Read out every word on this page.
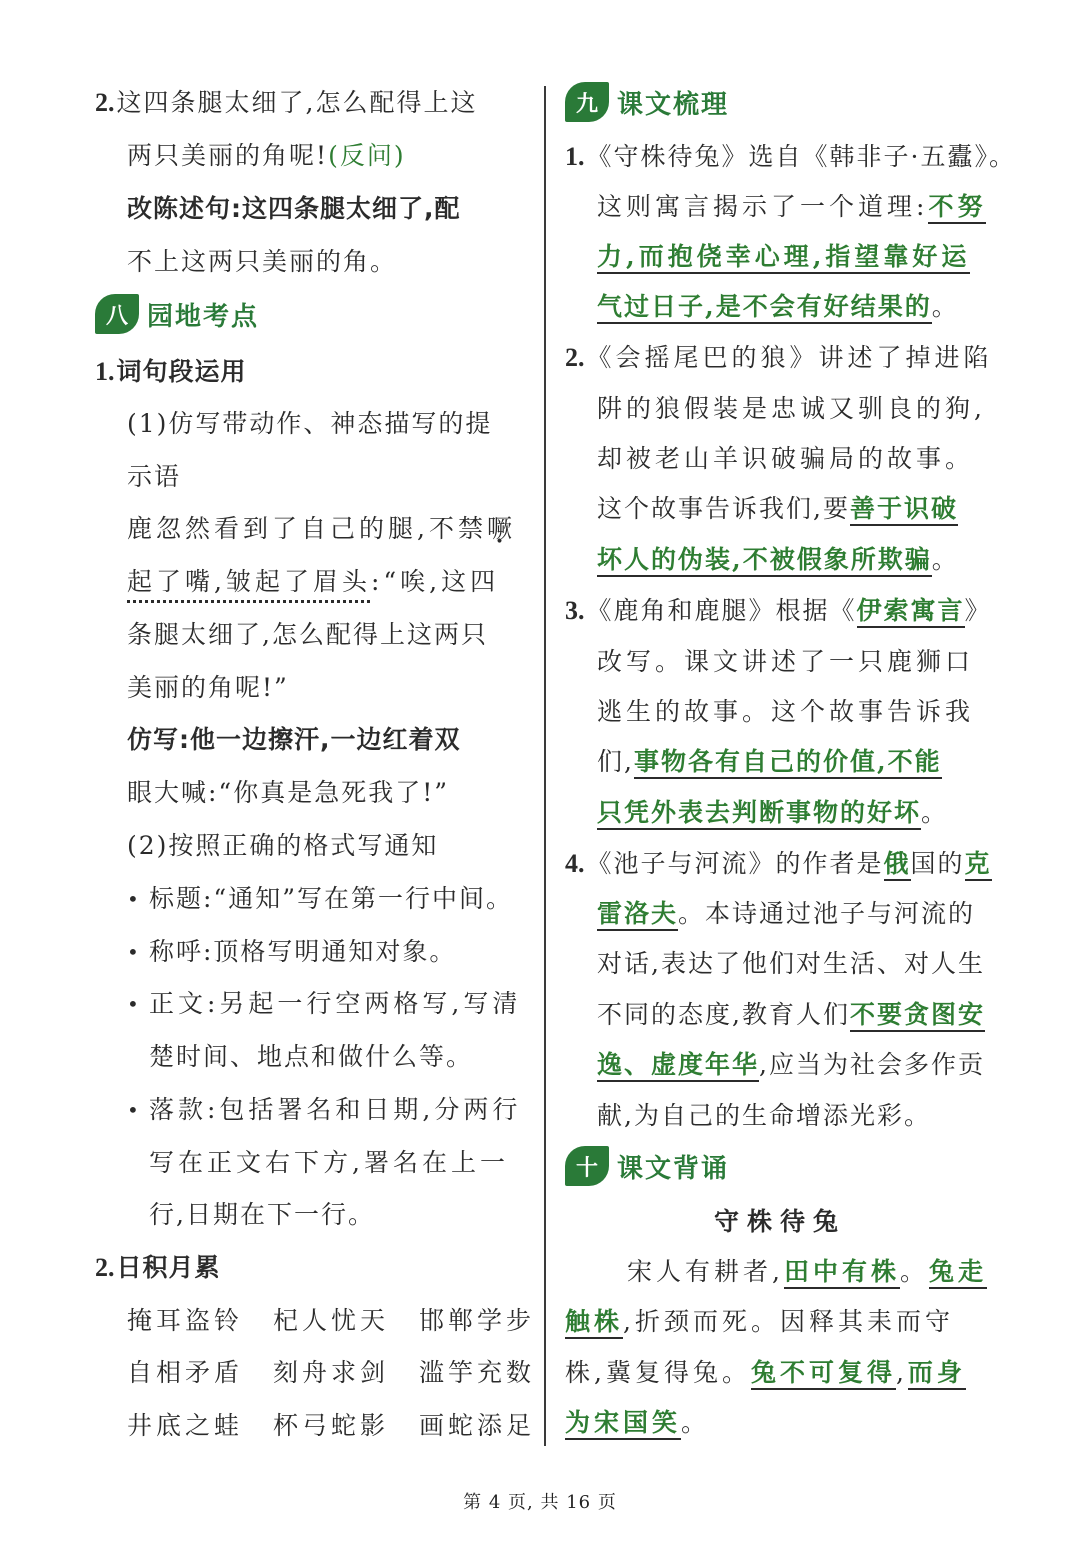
2.这四条腿太细了,怎么配得上这
两只美丽的角呢!(反问)
改陈述句:这四条腿太细了,配
不上这两只美丽的角。
八 园地考点
1.词句段运用
(1)仿写带动作、神态描写的提
示语
鹿忽然看到了自己的腿,不禁噘
起了嘴,皱起了眉头:“唉,这四
条腿太细了,怎么配得上这两只
美丽的角呢!”
仿写:他一边擦汗,一边红着双
眼大喊:“你真是急死我了!”
(2)按照正确的格式写通知
• 标题:“通知”写在第一行中间。
• 称呼:顶格写明通知对象。
• 正文:另起一行空两格写,写清
楚时间、地点和做什么等。
• 落款:包括署名和日期,分两行
写在正文右下方,署名在上一
行,日期在下一行。
2.日积月累
掩耳盗铃 杞人忧天 邯郸学步
自相矛盾 刻舟求剑 滥竽充数
井底之蛙 杯弓蛇影 画蛇添足
九 课文梳理
1.《守株待兔》选自《韩非子·五蠹》。
这则寓言揭示了一个道理:不努
力,而抱侥幸心理,指望靠好运
气过日子,是不会有好结果的。
2.《会摇尾巴的狼》讲述了掉进陷
阱的狼假装是忠诚又驯良的狗,
却被老山羊识破骗局的故事。
这个故事告诉我们,要善于识破
坏人的伪装,不被假象所欺骗。
3.《鹿角和鹿腿》根据《伊索寓言》
改写。课文讲述了一只鹿狮口
逃生的故事。这个故事告诉我
们,事物各有自己的价值,不能
只凭外表去判断事物的好坏。
4.《池子与河流》的作者是俄国的克
雷洛夫。本诗通过池子与河流的
对话,表达了他们对生活、对人生
不同的态度,教育人们不要贪图安
逸、虚度年华,应当为社会多作贡
献,为自己的生命增添光彩。
十 课文背诵
守株待兔
宋人有耕者,田中有株。兔走
触株,折颈而死。因释其耒而守
株,冀复得兔。兔不可复得,而身
为宋国笑。
第 4 页, 共 16 页
